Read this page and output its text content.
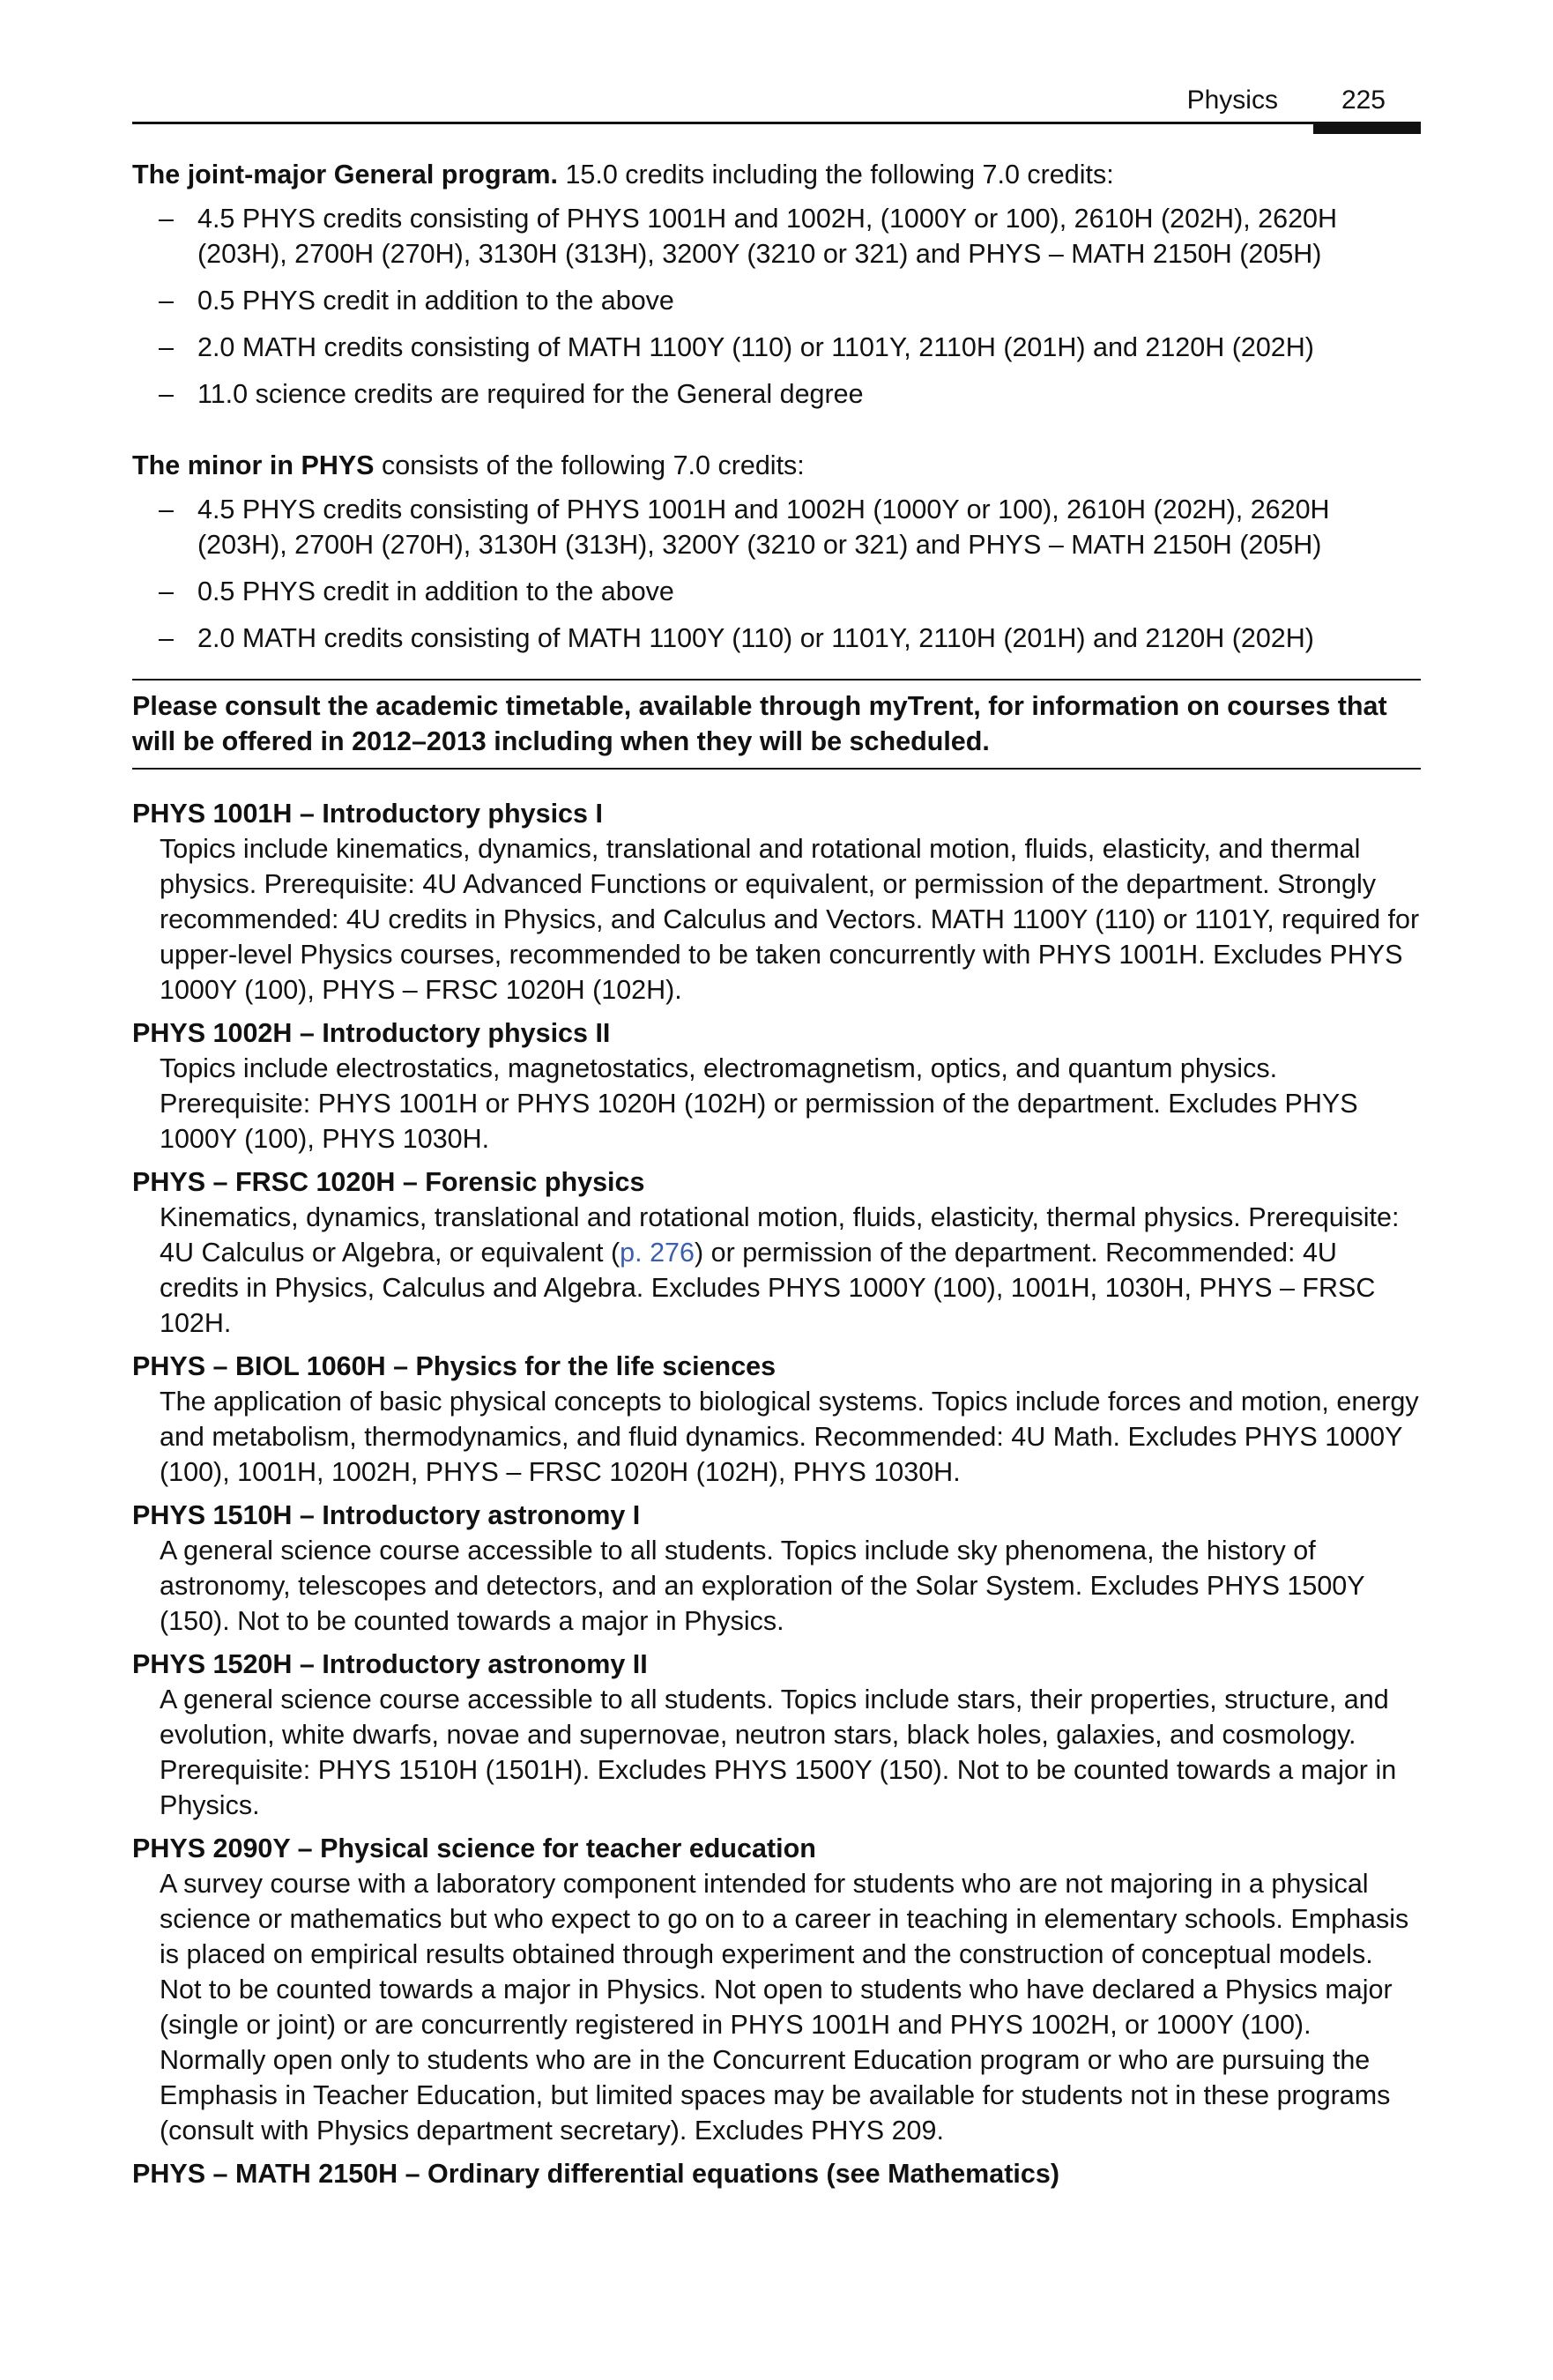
Physics 225

The joint-major General program. 15.0 credits including the following 7.0 credits:

– 4.5 PHYS credits consisting of PHYS 1001H and 1002H, (1000Y or 100), 2610H (202H), 2620H (203H), 2700H (270H), 3130H (313H), 3200Y (3210 or 321) and PHYS – MATH 2150H (205H)
– 0.5 PHYS credit in addition to the above
– 2.0 MATH credits consisting of MATH 1100Y (110) or 1101Y, 2110H (201H) and 2120H (202H)
– 11.0 science credits are required for the General degree

The minor in PHYS consists of the following 7.0 credits:

– 4.5 PHYS credits consisting of PHYS 1001H and 1002H (1000Y or 100), 2610H (202H), 2620H (203H), 2700H (270H), 3130H (313H), 3200Y (3210 or 321) and PHYS – MATH 2150H (205H)
– 0.5 PHYS credit in addition to the above
– 2.0 MATH credits consisting of MATH 1100Y (110) or 1101Y, 2110H (201H) and 2120H (202H)
Please consult the academic timetable, available through myTrent, for information on courses that will be offered in 2012–2013 including when they will be scheduled.

PHYS 1001H – Introductory physics I

Topics include kinematics, dynamics, translational and rotational motion, fluids, elasticity, and thermal physics. Prerequisite: 4U Advanced Functions or equivalent, or permission of the department. Strongly recommended: 4U credits in Physics, and Calculus and Vectors. MATH 1100Y (110) or 1101Y, required for upper-level Physics courses, recommended to be taken concurrently with PHYS 1001H. Excludes PHYS 1000Y (100), PHYS – FRSC 1020H (102H).

PHYS 1002H – Introductory physics II

Topics include electrostatics, magnetostatics, electromagnetism, optics, and quantum physics. Prerequisite: PHYS 1001H or PHYS 1020H (102H) or permission of the department. Excludes PHYS 1000Y (100), PHYS 1030H.

PHYS – FRSC 1020H – Forensic physics

Kinematics, dynamics, translational and rotational motion, fluids, elasticity, thermal physics. Prerequisite: 4U Calculus or Algebra, or equivalent (p. 276) or permission of the department. Recommended: 4U credits in Physics, Calculus and Algebra. Excludes PHYS 1000Y (100), 1001H, 1030H, PHYS – FRSC 102H.

PHYS – BIOL 1060H – Physics for the life sciences

The application of basic physical concepts to biological systems. Topics include forces and motion, energy and metabolism, thermodynamics, and fluid dynamics. Recommended: 4U Math. Excludes PHYS 1000Y (100), 1001H, 1002H, PHYS – FRSC 1020H (102H), PHYS 1030H.

PHYS 1510H – Introductory astronomy I

A general science course accessible to all students. Topics include sky phenomena, the history of astronomy, telescopes and detectors, and an exploration of the Solar System. Excludes PHYS 1500Y (150). Not to be counted towards a major in Physics.

PHYS 1520H – Introductory astronomy II

A general science course accessible to all students. Topics include stars, their properties, structure, and evolution, white dwarfs, novae and supernovae, neutron stars, black holes, galaxies, and cosmology. Prerequisite: PHYS 1510H (1501H). Excludes PHYS 1500Y (150). Not to be counted towards a major in Physics.

PHYS 2090Y – Physical science for teacher education

A survey course with a laboratory component intended for students who are not majoring in a physical science or mathematics but who expect to go on to a career in teaching in elementary schools. Emphasis is placed on empirical results obtained through experiment and the construction of conceptual models. Not to be counted towards a major in Physics. Not open to students who have declared a Physics major (single or joint) or are concurrently registered in PHYS 1001H and PHYS 1002H, or 1000Y (100). Normally open only to students who are in the Concurrent Education program or who are pursuing the Emphasis in Teacher Education, but limited spaces may be available for students not in these programs (consult with Physics department secretary). Excludes PHYS 209.

PHYS – MATH 2150H – Ordinary differential equations (see Mathematics)
